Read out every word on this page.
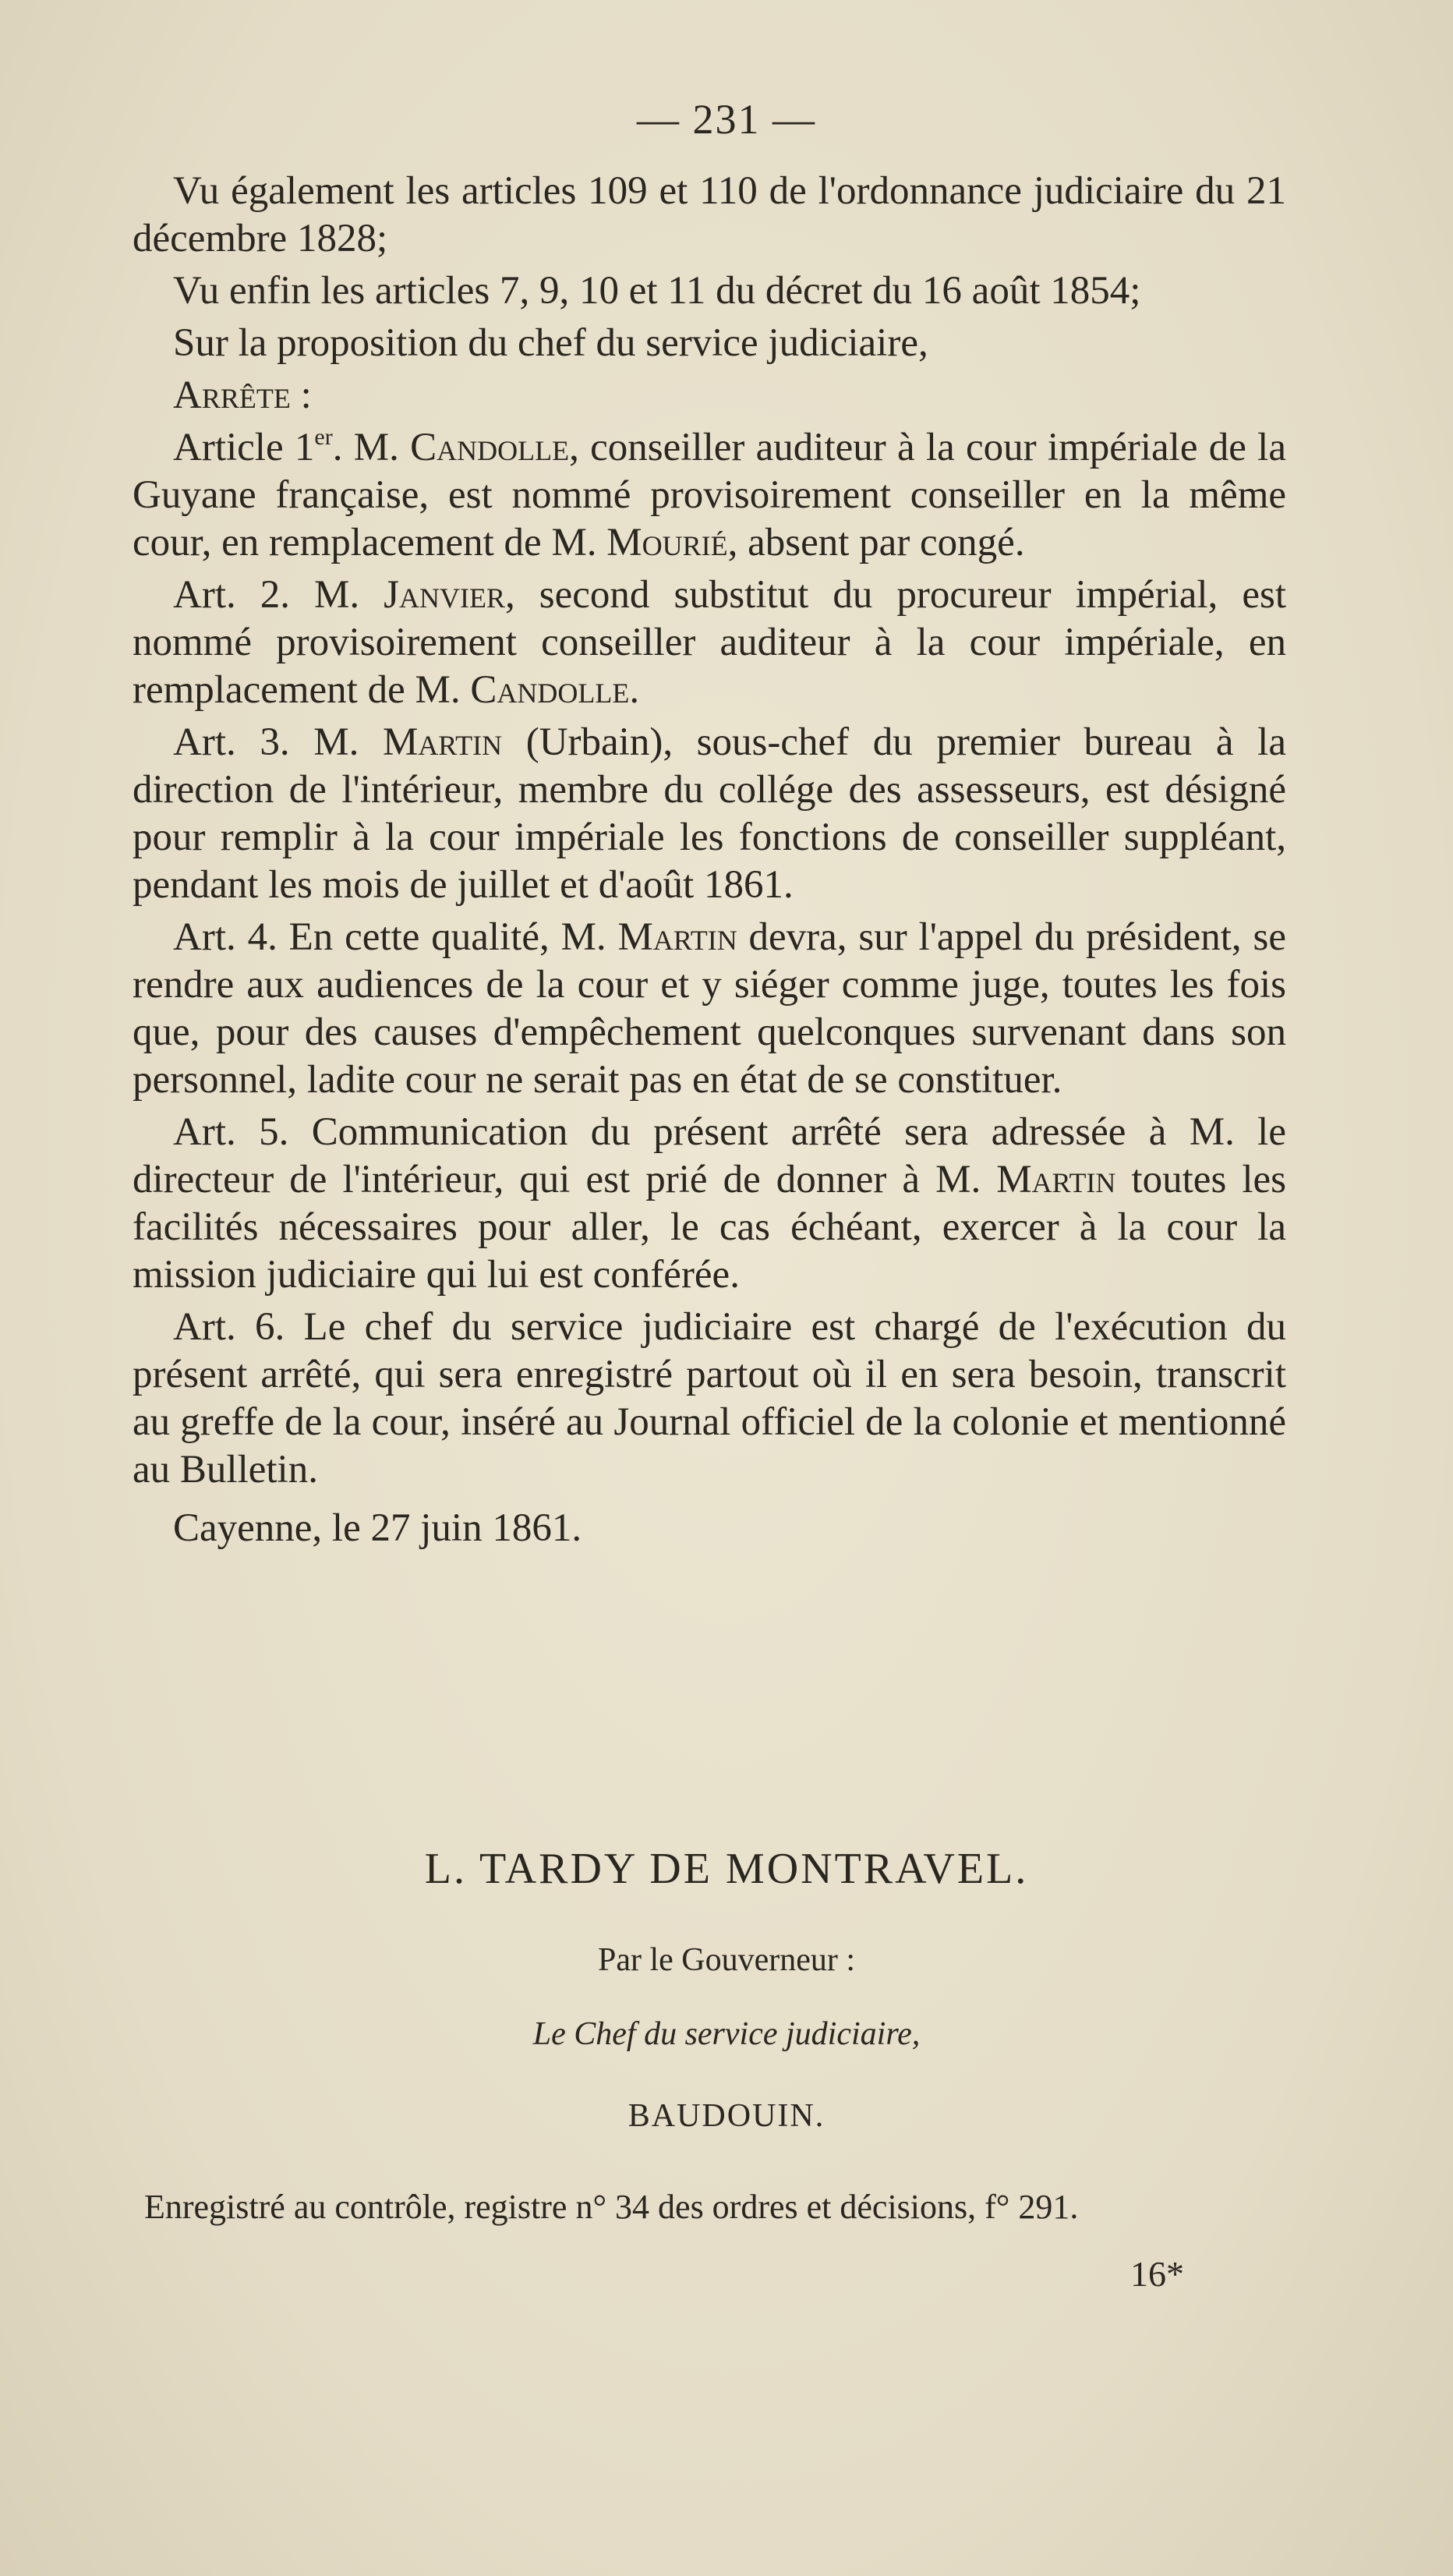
— 231 —

Vu également les articles 109 et 110 de l'ordonnance judiciaire du 21 décembre 1828;

Vu enfin les articles 7, 9, 10 et 11 du décret du 16 août 1854;

Sur la proposition du chef du service judiciaire,

Arrête :

Article 1er. M. Candolle, conseiller auditeur à la cour impériale de la Guyane française, est nommé provisoirement conseiller en la même cour, en remplacement de M. Mourié, absent par congé.

Art. 2. M. Janvier, second substitut du procureur impérial, est nommé provisoirement conseiller auditeur à la cour impériale, en remplacement de M. Candolle.

Art. 3. M. Martin (Urbain), sous-chef du premier bureau à la direction de l'intérieur, membre du collége des assesseurs, est désigné pour remplir à la cour impériale les fonctions de conseiller suppléant, pendant les mois de juillet et d'août 1861.

Art. 4. En cette qualité, M. Martin devra, sur l'appel du président, se rendre aux audiences de la cour et y siéger comme juge, toutes les fois que, pour des causes d'empêchement quelconques survenant dans son personnel, ladite cour ne serait pas en état de se constituer.

Art. 5. Communication du présent arrêté sera adressée à M. le directeur de l'intérieur, qui est prié de donner à M. Martin toutes les facilités nécessaires pour aller, le cas échéant, exercer à la cour la mission judiciaire qui lui est conférée.

Art. 6. Le chef du service judiciaire est chargé de l'exécution du présent arrêté, qui sera enregistré partout où il en sera besoin, transcrit au greffe de la cour, inséré au Journal officiel de la colonie et mentionné au Bulletin.

Cayenne, le 27 juin 1861.

L. TARDY DE MONTRAVEL.
Par le Gouverneur :
Le Chef du service judiciaire,
BAUDOUIN.
Enregistré au contrôle, registre n° 34 des ordres et décisions, f° 291.
16*
